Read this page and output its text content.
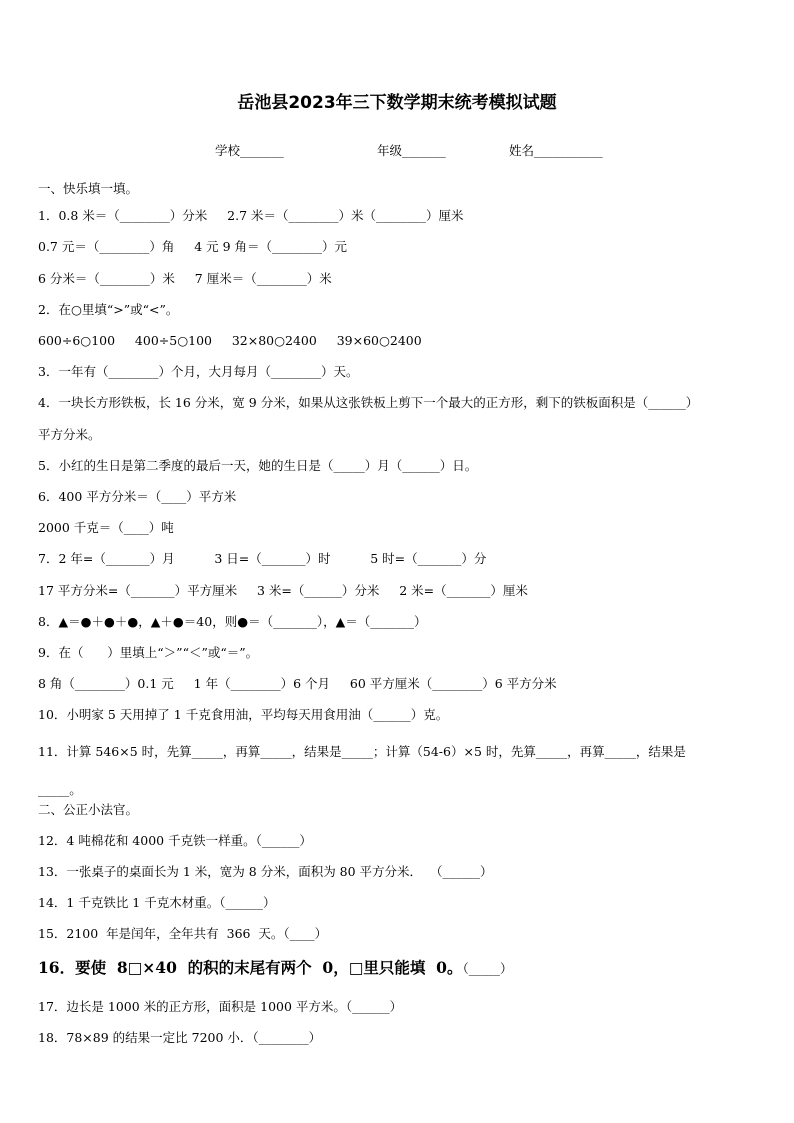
岳池县2023年三下数学期末统考模拟试题
学校_______	年级_______	姓名___________
一、快乐填一填。
1．0.8 米＝（________）分米     2.7 米＝（________）米（________）厘米
0.7 元＝（________）角     4 元 9 角＝（________）元
6 分米＝（________）米     7 厘米＝（________）米
2．在○里填“>”或“<”。
600÷6○100     400÷5○100     32×80○2400     39×60○2400
3．一年有（________）个月，大月每月（________）天。
4．一块长方形铁板，长 16 分米，宽 9 分米，如果从这张铁板上剪下一个最大的正方形，剩下的铁板面积是（______）
平方分米。
5．小红的生日是第二季度的最后一天，她的生日是（_____）月（______）日。
6．400 平方分米＝（____）平方米
2000 千克＝（____）吨
7．2 年=（_______）月          3 日=（_______）时          5 时=（_______）分
17 平方分米=（_______）平方厘米     3 米=（______）分米     2 米=（_______）厘米
8．▲＝●＋●＋●，▲＋●＝40，则●＝（_______），▲＝（_______）
9．在（      ）里填上“＞”“＜”或“＝”。
8 角（________）0.1 元     1 年（________）6 个月     60 平方厘米（________）6 平方分米
10．小明家 5 天用掉了 1 千克食用油，平均每天用食用油（______）克。
11．计算 546×5 时，先算_____，再算_____，结果是_____；计算（54-6）×5 时，先算_____，再算_____，结果是
_____。
二、公正小法官。
12．4 吨棉花和 4000 千克铁一样重。（______）
13．一张桌子的桌面长为 1 米，宽为 8 分米，面积为 80 平方分米．  （______）
14．1 千克铁比 1 千克木材重。（______）
15．2100  年是闰年，全年共有  366  天。（____）
16．要使  8□×40  的积的末尾有两个  0，□里只能填  0。（_____）
17．边长是 1000 米的正方形，面积是 1000 平方米。（______）
18．78×89 的结果一定比 7200 小．（________）
